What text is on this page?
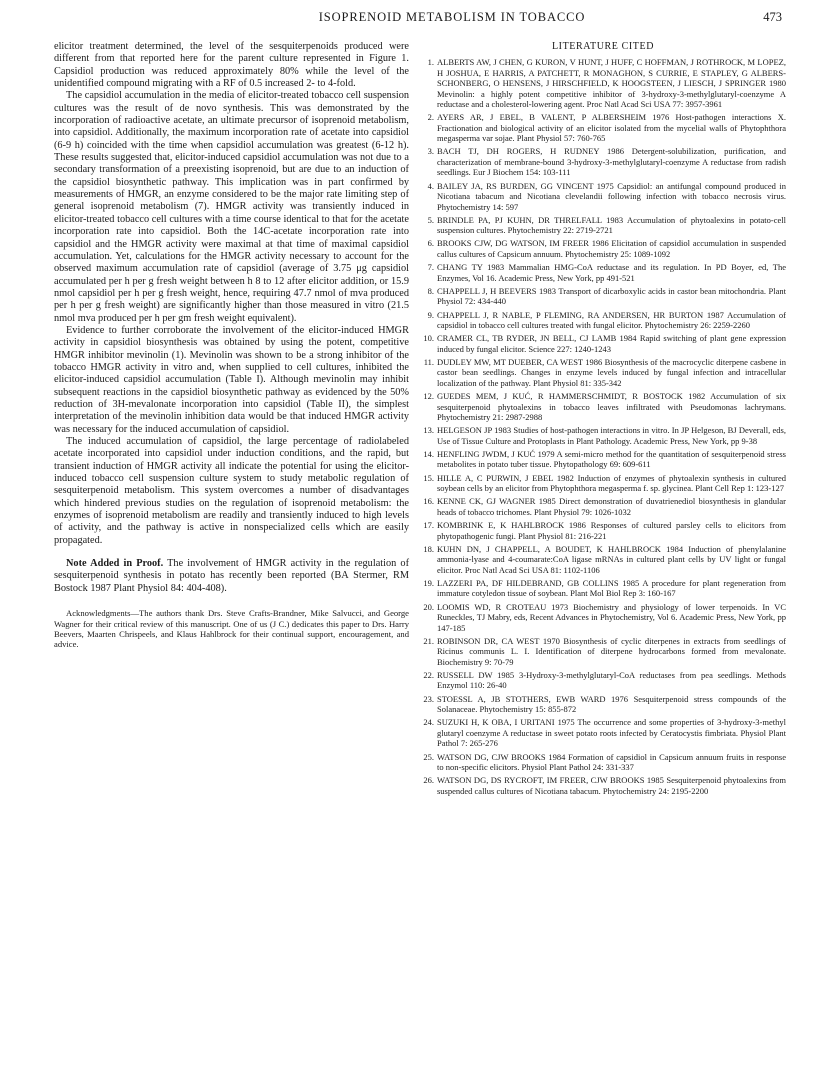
ISOPRENOID METABOLISM IN TOBACCO	473

elicitor treatment determined, the level of the sesquiterpenoids produced were different from that reported here for the parent culture represented in Figure 1. Capsidiol production was reduced approximately 80% while the level of the unidentified compound migrating with a RF of 0.5 increased 2- to 4-fold.

The capsidiol accumulation in the media of elicitor-treated tobacco cell suspension cultures was the result of de novo synthesis. This was demonstrated by the incorporation of radioactive acetate, an ultimate precursor of isoprenoid metabolism, into capsidiol. Additionally, the maximum incorporation rate of acetate into capsidiol (6-9 h) coincided with the time when capsidiol accumulation was greatest (6-12 h). These results suggested that, elicitor-induced capsidiol accumulation was not due to a secondary transformation of a preexisting isoprenoid, but are due to an induction of the capsidiol biosynthetic pathway. This implication was in part confirmed by measurements of HMGR, an enzyme considered to be the major rate limiting step of general isoprenoid metabolism (7). HMGR activity was transiently induced in elicitor-treated tobacco cell cultures with a time course identical to that for the acetate incorporation rate into capsidiol. Both the 14C-acetate incorporation rate into capsidiol and the HMGR activity were maximal at that time of maximal capsidiol accumulation. Yet, calculations for the HMGR activity necessary to account for the observed maximum accumulation rate of capsidiol (average of 3.75 μg capsidiol accumulated per h per g fresh weight between h 8 to 12 after elicitor addition, or 15.9 nmol capsidiol per h per g fresh weight, hence, requiring 47.7 nmol of mva produced per h per g fresh weight) are significantly higher than those measured in vitro (21.5 nmol mva produced per h per gm fresh weight equivalent).

Evidence to further corroborate the involvement of the elicitor-induced HMGR activity in capsidiol biosynthesis was obtained by using the potent, competitive HMGR inhibitor mevinolin (1). Mevinolin was shown to be a strong inhibitor of the tobacco HMGR activity in vitro and, when supplied to cell cultures, inhibited the elicitor-induced capsidiol accumulation (Table I). Although mevinolin may inhibit subsequent reactions in the capsidiol biosynthetic pathway as evidenced by the 50% reduction of 3H-mevalonate incorporation into capsidiol (Table II), the simplest interpretation of the mevinolin inhibition data would be that induced HMGR activity was necessary for the induced accumulation of capsidiol.

The induced accumulation of capsidiol, the large percentage of radiolabeled acetate incorporated into capsidiol under induction conditions, and the rapid, but transient induction of HMGR activity all indicate the potential for using the elicitor-induced tobacco cell suspension culture system to study metabolic regulation of sesquiterpenoid metabolism. This system overcomes a number of disadvantages which hindered previous studies on the regulation of isoprenoid metabolism: the enzymes of isoprenoid metabolism are readily and transiently induced to high levels of activity, and the pathway is active in nonspecialized cells which are easily propagated.

Note Added in Proof. The involvement of HMGR activity in the regulation of sesquiterpenoid synthesis in potato has recently been reported (BA Stermer, RM Bostock 1987 Plant Physiol 84: 404-408).

Acknowledgments—The authors thank Drs. Steve Crafts-Brandner, Mike Salvucci, and George Wagner for their critical review of this manuscript. One of us (J C.) dedicates this paper to Drs. Harry Beevers, Maarten Chrispeels, and Klaus Hahlbrock for their continual support, encouragement, and advice.

LITERATURE CITED
1. ALBERTS AW, J CHEN, G KURON, V HUNT, J HUFF, C HOFFMAN, J ROTHROCK, M LOPEZ, H JOSHUA, E HARRIS, A PATCHETT, R MONAGHON, S CURRIE, E STAPLEY, G ALBERS-SCHONBERG, O HENSENS, J HIRSCHFIELD, K HOOGSTEEN, J LIESCH, J SPRINGER 1980 Mevinolin: a highly potent competitive inhibitor of 3-hydroxy-3-methylglutaryl-coenzyme A reductase and a cholesterol-lowering agent. Proc Natl Acad Sci USA 77: 3957-3961
2. AYERS AR, J EBEL, B VALENT, P ALBERSHEIM 1976 Host-pathogen interactions X. Fractionation and biological activity of an elicitor isolated from the mycelial walls of Phytophthora megasperma var sojae. Plant Physiol 57: 760-765
3. BACH TJ, DH ROGERS, H RUDNEY 1986 Detergent-solubilization, purification, and characterization of membrane-bound 3-hydroxy-3-methylglutaryl-coenzyme A reductase from radish seedlings. Eur J Biochem 154: 103-111
4. BAILEY JA, RS BURDEN, GG VINCENT 1975 Capsidiol: an antifungal compound produced in Nicotiana tabacum and Nicotiana clevelandii following infection with tobacco necrosis virus. Phytochemistry 14: 597
5. BRINDLE PA, PJ KUHN, DR THRELFALL 1983 Accumulation of phytoalexins in potato-cell suspension cultures. Phytochemistry 22: 2719-2721
6. BROOKS CJW, DG WATSON, IM FREER 1986 Elicitation of capsidiol accumulation in suspended callus cultures of Capsicum annuum. Phytochemistry 25: 1089-1092
7. CHANG TY 1983 Mammalian HMG-CoA reductase and its regulation. In PD Boyer, ed, The Enzymes, Vol 16. Academic Press, New York, pp 491-521
8. CHAPPELL J, H BEEVERS 1983 Transport of dicarboxylic acids in castor bean mitochondria. Plant Physiol 72: 434-440
9. CHAPPELL J, R NABLE, P FLEMING, RA ANDERSEN, HR BURTON 1987 Accumulation of capsidiol in tobacco cell cultures treated with fungal elicitor. Phytochemistry 26: 2259-2260
10. CRAMER CL, TB RYDER, JN BELL, CJ LAMB 1984 Rapid switching of plant gene expression induced by fungal elicitor. Science 227: 1240-1243
11. DUDLEY MW, MT DUEBER, CA WEST 1986 Biosynthesis of the macrocyclic diterpene casbene in castor bean seedlings. Changes in enzyme levels induced by fungal infection and intracellular localization of the pathway. Plant Physiol 81: 335-342
12. GUEDES MEM, J KUĆ, R HAMMERSCHMIDT, R BOSTOCK 1982 Accumulation of six sesquiterpenoid phytoalexins in tobacco leaves infiltrated with Pseudomonas lachrymans. Phytochemistry 21: 2987-2988
13. HELGESON JP 1983 Studies of host-pathogen interactions in vitro. In JP Helgeson, BJ Deverall, eds, Use of Tissue Culture and Protoplasts in Plant Pathology. Academic Press, New York, pp 9-38
14. HENFLING JWDM, J KUĆ 1979 A semi-micro method for the quantitation of sesquiterpenoid stress metabolites in potato tuber tissue. Phytopathology 69: 609-611
15. HILLE A, C PURWIN, J EBEL 1982 Induction of enzymes of phytoalexin synthesis in cultured soybean cells by an elicitor from Phytophthora megasperma f. sp. glycinea. Plant Cell Rep 1: 123-127
16. KENNE CK, GJ WAGNER 1985 Direct demonstration of duvatrienediol biosynthesis in glandular heads of tobacco trichomes. Plant Physiol 79: 1026-1032
17. KOMBRINK E, K HAHLBROCK 1986 Responses of cultured parsley cells to elicitors from phytopathogenic fungi. Plant Physiol 81: 216-221
18. KUHN DN, J CHAPPELL, A BOUDET, K HAHLBROCK 1984 Induction of phenylalanine ammonia-lyase and 4-coumarate:CoA ligase mRNAs in cultured plant cells by UV light or fungal elicitor. Proc Natl Acad Sci USA 81: 1102-1106
19. LAZZERI PA, DF HILDEBRAND, GB COLLINS 1985 A procedure for plant regeneration from immature cotyledon tissue of soybean. Plant Mol Biol Rep 3: 160-167
20. LOOMIS WD, R CROTEAU 1973 Biochemistry and physiology of lower terpenoids. In VC Runeckles, TJ Mabry, eds, Recent Advances in Phytochemistry, Vol 6. Academic Press, New York, pp 147-185
21. ROBINSON DR, CA WEST 1970 Biosynthesis of cyclic diterpenes in extracts from seedlings of Ricinus communis L. I. Identification of diterpene hydrocarbons formed from mevalonate. Biochemistry 9: 70-79
22. RUSSELL DW 1985 3-Hydroxy-3-methylglutaryl-CoA reductases from pea seedlings. Methods Enzymol 110: 26-40
23. STOESSL A, JB STOTHERS, EWB WARD 1976 Sesquiterpenoid stress compounds of the Solanaceae. Phytochemistry 15: 855-872
24. SUZUKI H, K OBA, I URITANI 1975 The occurrence and some properties of 3-hydroxy-3-methyl glutaryl coenzyme A reductase in sweet potato roots infected by Ceratocystis fimbriata. Physiol Plant Pathol 7: 265-276
25. WATSON DG, CJW BROOKS 1984 Formation of capsidiol in Capsicum annuum fruits in response to non-specific elicitors. Physiol Plant Pathol 24: 331-337
26. WATSON DG, DS RYCROFT, IM FREER, CJW BROOKS 1985 Sesquiterpenoid phytoalexins from suspended callus cultures of Nicotiana tabacum. Phytochemistry 24: 2195-2200
